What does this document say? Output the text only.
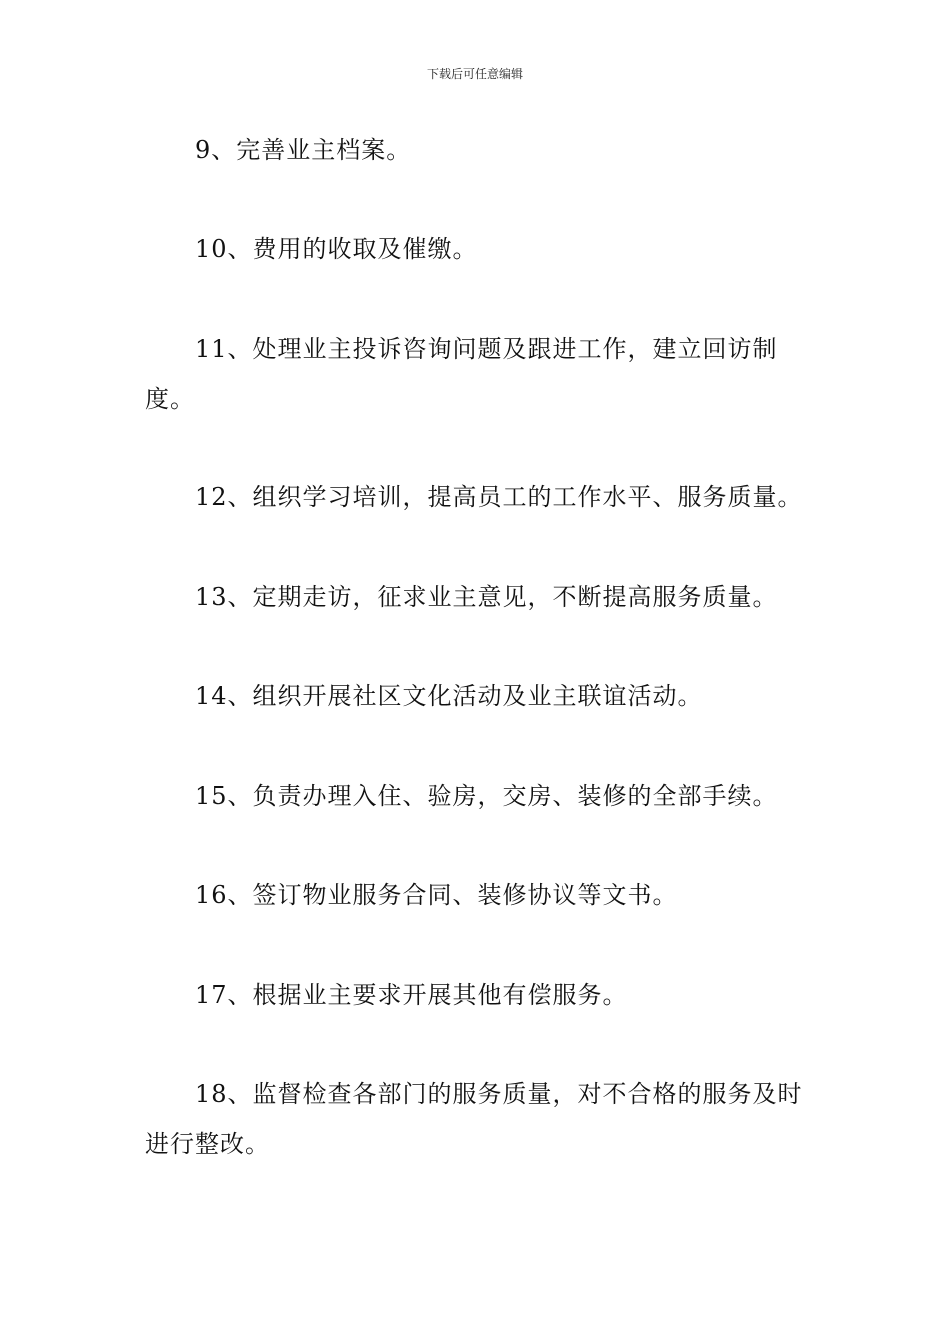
下载后可任意编辑

9、完善业主档案。

10、费用的收取及催缴。

11、处理业主投诉咨询问题及跟进工作，建立回访制度。

12、组织学习培训，提高员工的工作水平、服务质量。

13、定期走访，征求业主意见，不断提高服务质量。

14、组织开展社区文化活动及业主联谊活动。

15、负责办理入住、验房，交房、装修的全部手续。

16、签订物业服务合同、装修协议等文书。

17、根据业主要求开展其他有偿服务。

18、监督检查各部门的服务质量，对不合格的服务及时进行整改。
